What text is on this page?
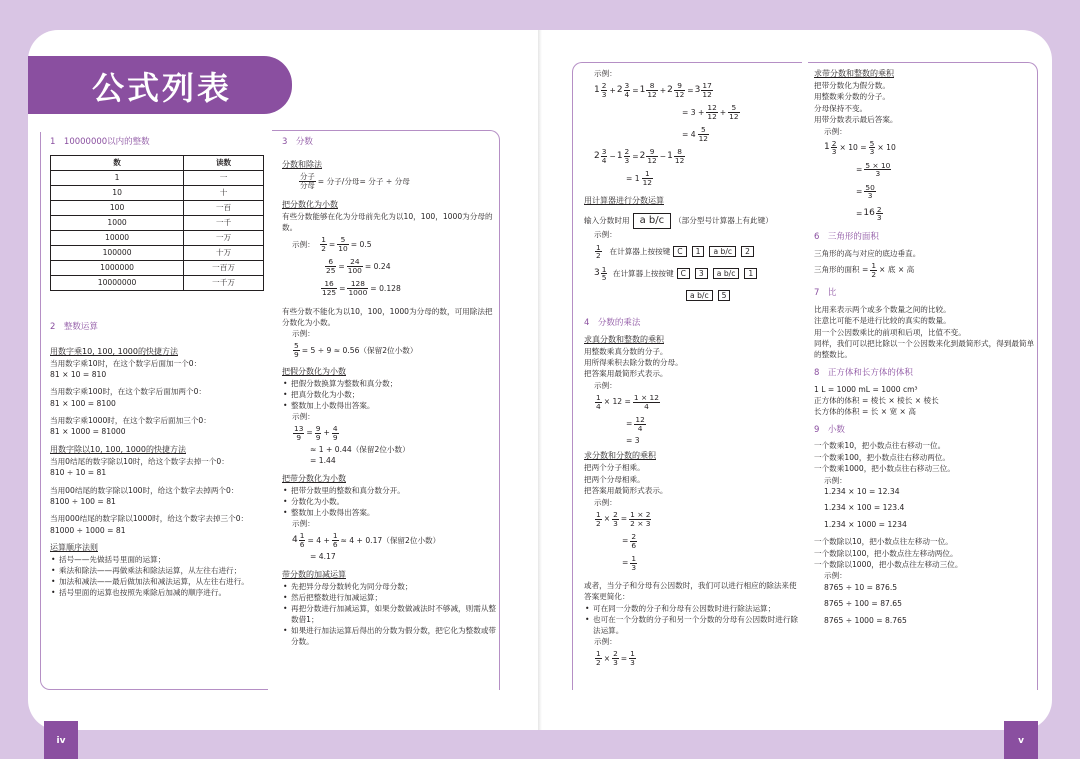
公式列表
1　10000000以内的整数
数	读数
1	一
10	十
100	一百
1000	一千
10000	一万
100000	十万
1000000	一百万
10000000	一千万
2　整数运算
用数字乘10, 100, 1000的快捷方法
当用数字乘10时，在这个数字后面加一个0：
81 × 10 = 810
当用数字乘100时，在这个数字后面加两个0：
81 × 100 = 8100
当用数字乘1000时，在这个数字后面加三个0：
81 × 1000 = 81000
用数字除以10, 100, 1000的快捷方法
当用0结尾的数字除以10时，给这个数字去掉一个0：
810 ÷ 10 = 81
当用00结尾的数字除以100时，给这个数字去掉两个0：
8100 ÷ 100 = 81
当用000结尾的数字除以1000时，给这个数字去掉三个0：
81000 ÷ 1000 = 81
运算顺序法则
• 括号——先做括号里面的运算；
• 乘法和除法——再做乘法和除法运算，从左往右进行；
• 加法和减法——最后做加法和减法运算，从左往右进行。
• 括号里面的运算也按照先乘除后加减的顺序进行。
3　分数
分数和除法
$\frac{\text{分子}}{\text{分母}}$ = 分子/分母= 分子 ÷ 分母
把分数化为小数
有些分数能够在化为分母前先化为以10，100，1000为分母的数。
示例：
$\frac{1}{2} = \frac{5}{10} = 0.5$
$\frac{6}{25} = \frac{24}{100} = 0.24$
$\frac{16}{125} = \frac{128}{1000} = 0.128$
有些分数不能化为以10，100，1000为分母的数，可用除法把分数化为小数。
示例：
$\frac{5}{9} = 5 \div 9 \approx 0.56$（保留2位小数）
把假分数化为小数
• 把假分数换算为整数和真分数；
• 把真分数化为小数；
• 整数加上小数得出答案。
示例：
$\frac{13}{9} = \frac{9}{9} + \frac{4}{9}$
≈ 1 + 0.44（保留2位小数）
= 1.44
把带分数化为小数
• 把带分数里的整数和真分数分开。
• 分数化为小数。
• 整数加上小数得出答案。
示例：
$4 \frac{1}{6} = 4 + \frac{1}{6} \approx 4 + 0.17$（保留2位小数）
= 4.17
带分数的加减运算
• 先把异分母分数转化为同分母分数；
• 然后把整数进行加减运算；
• 再把分数进行加减运算，如果分数做减法时不够减，则需从整数借1；
• 如果进行加法运算后得出的分数为假分数，把它化为整数或带分数。
示例：
$1 \frac{2}{3} + 2 \frac{3}{4} = 1 \frac{8}{12} + 2 \frac{9}{12} = 3 \frac{17}{12}$
= $3 + \frac{12}{12} + \frac{5}{12}$
= $4 \frac{5}{12}$
$2 \frac{3}{4} - 1 \frac{2}{3} = 2 \frac{9}{12} - 1 \frac{8}{12}$
= $1 \frac{1}{12}$
用计算器进行分数运算
输入分数时用 a b/c （部分型号计算器上有此键）
示例：
$\frac{1}{2}$
在计算器上按按键 C	1	a b/c	2
$3 \frac{1}{5}$
在计算器上按按键 C	3	a b/c	1
a b/c	5
4　分数的乘法
求真分数和整数的乘积
用整数乘真分数的分子。
用所得乘积去除分数的分母。
把答案用最简形式表示。
示例：
$\frac{1}{4} \times 12 = \frac{1 \times 12}{4}$
= $\frac{12}{4}$
= 3
求分数和分数的乘积
把两个分子相乘。
把两个分母相乘。
把答案用最简形式表示。
示例：
$\frac{1}{2} \times \frac{2}{3} = \frac{1 \times 2}{2 \times 3}$
= $\frac{2}{6}$
= $\frac{1}{3}$
或者，当分子和分母有公因数时，我们可以进行相应的除法来使答案更简化：
• 可在同一分数的分子和分母有公因数时进行除法运算；
• 也可在一个分数的分子和另一个分数的分母有公因数时进行除法运算。
示例：
$\frac{1}{2} \times \frac{2}{3} = \frac{1}{3}$
求带分数和整数的乘积
把带分数化为假分数。
用整数乘分数的分子。
分母保持不变。
用带分数表示最后答案。
示例：
$1 \frac{2}{3} \times 10 = \frac{5}{3} \times 10$
= $\frac{5 \times 10}{3}$
= $\frac{50}{3}$
= $16 \frac{2}{3}$
6　三角形的面积
三角形的高与对应的底边垂直。
三角形的面积 = $\frac{1}{2}$ × 底 × 高
7　比
比用来表示两个或多个数量之间的比较。
注意比可能不是进行比较的真实的数量。
用一个公因数乘比的前项和后项，比值不变。
同样，我们可以把比除以一个公因数来化到最简形式，得到最简单的整数比。
8　正方体和长方体的体积
1 L = 1000 mL = 1000 cm³
正方体的体积 = 棱长 × 棱长 × 棱长
长方体的体积 = 长 × 宽 × 高
9　小数
一个数乘10，把小数点往右移动一位。
一个数乘100，把小数点往右移动两位。
一个数乘1000，把小数点往右移动三位。
示例：
1.234 × 10 = 12.34
1.234 × 100 = 123.4
1.234 × 1000 = 1234
一个数除以10，把小数点往左移动一位。
一个数除以100，把小数点往左移动两位。
一个数除以1000，把小数点往左移动三位。
示例：
8765 ÷ 10 = 876.5
8765 ÷ 100 = 87.65
8765 ÷ 1000 = 8.765
iv	v
